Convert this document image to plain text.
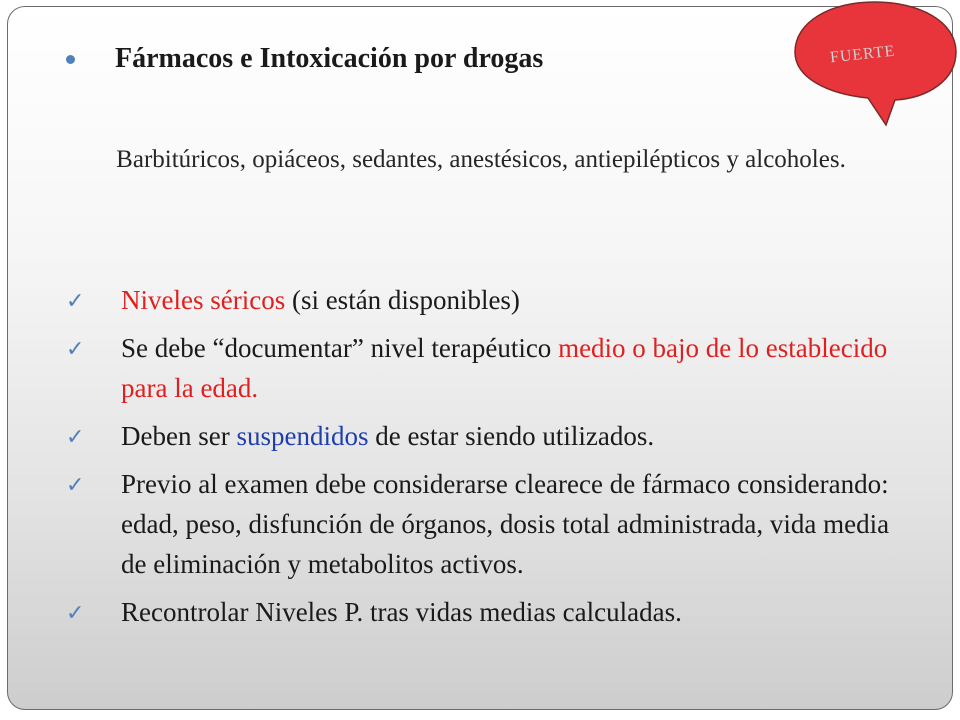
Fármacos e Intoxicación por drogas
Barbitúricos, opiáceos, sedantes, anestésicos, antiepilépticos y alcoholes.
✓ Niveles séricos (si están disponibles)
✓ Se debe “documentar” nivel terapéutico medio o bajo de lo establecido para la edad.
✓ Deben ser suspendidos de estar siendo utilizados.
✓ Previo al examen debe considerarse clearece de fármaco considerando: edad, peso, disfunción de órganos, dosis total administrada, vida media de eliminación y metabolitos activos.
✓ Recontrolar Niveles P. tras vidas medias calculadas.
FUERTE
